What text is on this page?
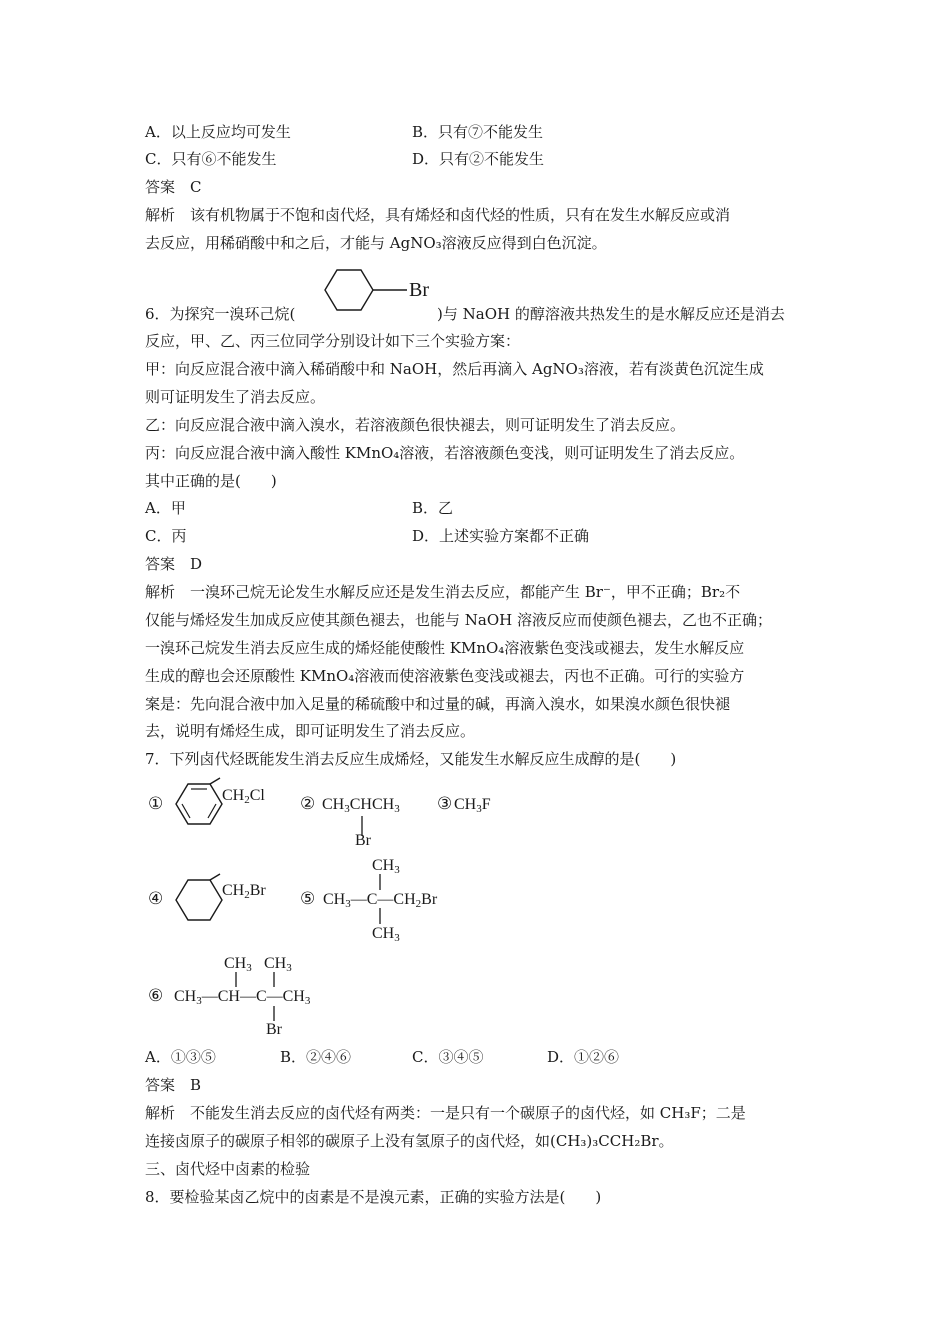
A．以上反应均可发生	B．只有⑦不能发生
C．只有⑥不能发生	D．只有②不能发生
答案　C
解析　该有机物属于不饱和卤代烃，具有烯烃和卤代烃的性质，只有在发生水解反应或消
去反应，用稀硝酸中和之后，才能与 AgNO₃溶液反应得到白色沉淀。
6．为探究一溴环己烷(
Br
)与 NaOH 的醇溶液共热发生的是水解反应还是消去
反应，甲、乙、丙三位同学分别设计如下三个实验方案：
甲：向反应混合液中滴入稀硝酸中和 NaOH，然后再滴入 AgNO₃溶液，若有淡黄色沉淀生成
则可证明发生了消去反应。
乙：向反应混合液中滴入溴水，若溶液颜色很快褪去，则可证明发生了消去反应。
丙：向反应混合液中滴入酸性 KMnO₄溶液，若溶液颜色变浅，则可证明发生了消去反应。
其中正确的是(　　)
A．甲	B．乙
C．丙	D．上述实验方案都不正确
答案　D
解析　一溴环己烷无论发生水解反应还是发生消去反应，都能产生 Br⁻，甲不正确；Br₂不
仅能与烯烃发生加成反应使其颜色褪去，也能与 NaOH 溶液反应而使颜色褪去，乙也不正确；
一溴环己烷发生消去反应生成的烯烃能使酸性 KMnO₄溶液紫色变浅或褪去，发生水解反应
生成的醇也会还原酸性 KMnO₄溶液而使溶液紫色变浅或褪去，丙也不正确。可行的实验方
案是：先向混合液中加入足量的稀硫酸中和过量的碱，再滴入溴水，如果溴水颜色很快褪
去，说明有烯烃生成，即可证明发生了消去反应。
7．下列卤代烃既能发生消去反应生成烯烃，又能发生水解反应生成醇的是(　　)
①	$CH_2Cl$ ② $CH_3CHCH_3$
Br
③ $CH_3F$
④	$CH_2Br$ ⑤
$CH_3$
$CH_3—C—CH_2Br$
$CH_3$
⑥
$CH_3$ $CH_3$
$CH_3—CH—C—CH_3$
Br
A．①③⑤	B．②④⑥	C．③④⑤	D．①②⑥
答案　B
解析　不能发生消去反应的卤代烃有两类：一是只有一个碳原子的卤代烃，如 CH₃F；二是
连接卤原子的碳原子相邻的碳原子上没有氢原子的卤代烃，如(CH₃)₃CCH₂Br。
三、卤代烃中卤素的检验
8．要检验某卤乙烷中的卤素是不是溴元素，正确的实验方法是(　　)
